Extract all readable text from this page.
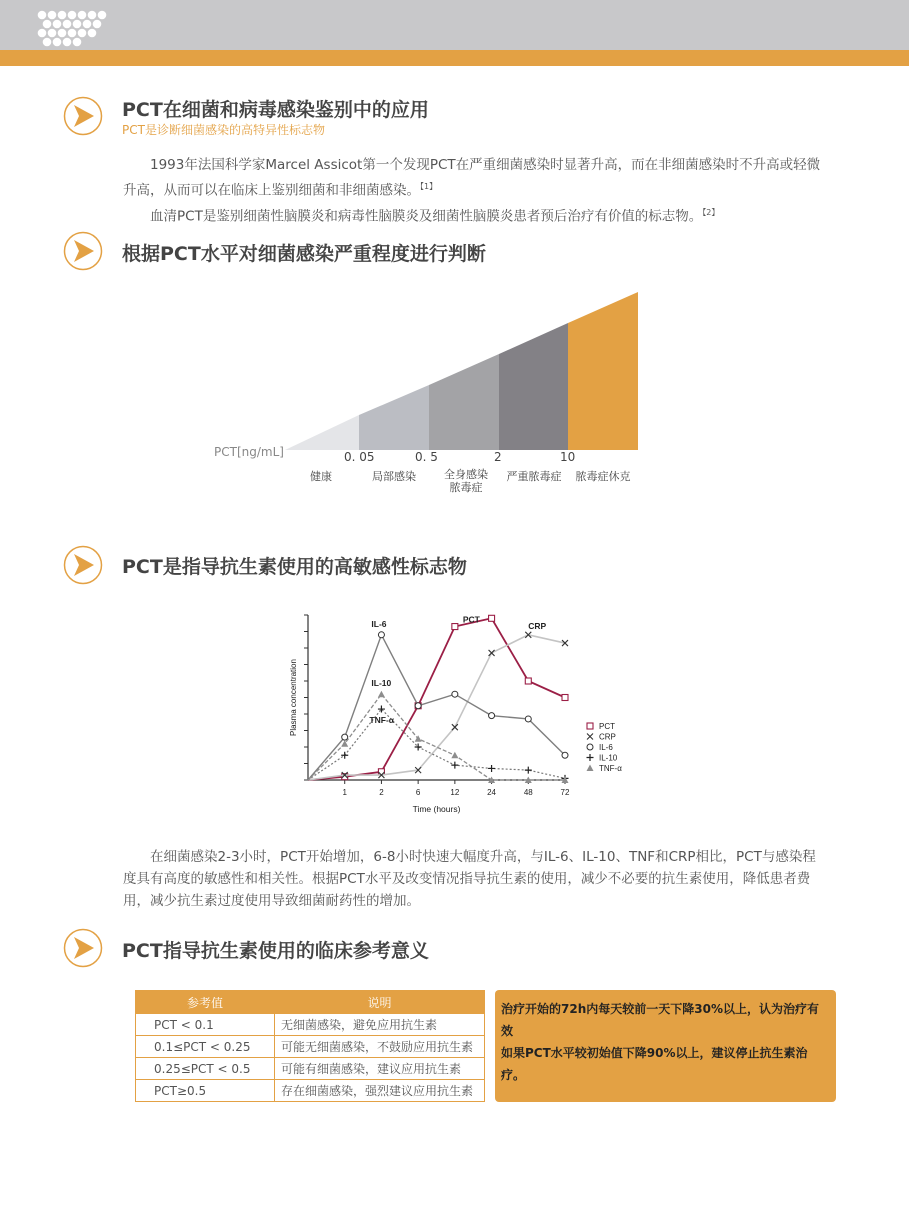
PCT在细菌和病毒感染鉴别中的应用
PCT是诊断细菌感染的高特异性标志物
1993年法国科学家Marcel Assicot第一个发现PCT在严重细菌感染时显著升高，而在非细菌感染时不升高或轻微升高，从而可以在临床上鉴别细菌和非细菌感染。$^{【1】}$
血清PCT是鉴别细菌性脑膜炎和病毒性脑膜炎及细菌性脑膜炎患者预后治疗有价值的标志物。$^{【2】}$
根据PCT水平对细菌感染严重程度进行判断
PCT[ng/mL]	0. 05	0. 5	2	10
健康	局部感染	全身感染
脓毒症
严重脓毒症	脓毒症休克
PCT是指导抗生素使用的高敏感性标志物
1	2	6	12	24	48	72
Plasma concentration
Time (hours)
IL-6
IL-10
TNF-α
PCT
CRP
PCT
CRP
IL-6
IL-10
TNF-α
在细菌感染2-3小时，PCT开始增加，6-8小时快速大幅度升高，与IL-6、IL-10、TNF和CRP相比，PCT与感染程度具有高度的敏感性和相关性。根据PCT水平及改变情况指导抗生素的使用，减少不必要的抗生素使用，降低患者费用，减少抗生素过度使用导致细菌耐药性的增加。
PCT指导抗生素使用的临床参考意义
参考值	说明
PCT < 0.1	无细菌感染，避免应用抗生素
0.1≤PCT < 0.25	可能无细菌感染，不鼓励应用抗生素
0.25≤PCT < 0.5	可能有细菌感染，建议应用抗生素
PCT≥0.5	存在细菌感染，强烈建议应用抗生素
治疗开始的72h内每天较前一天下降30%以上，认为治疗有效
如果PCT水平较初始值下降90%以上，建议停止抗生素治疗。
